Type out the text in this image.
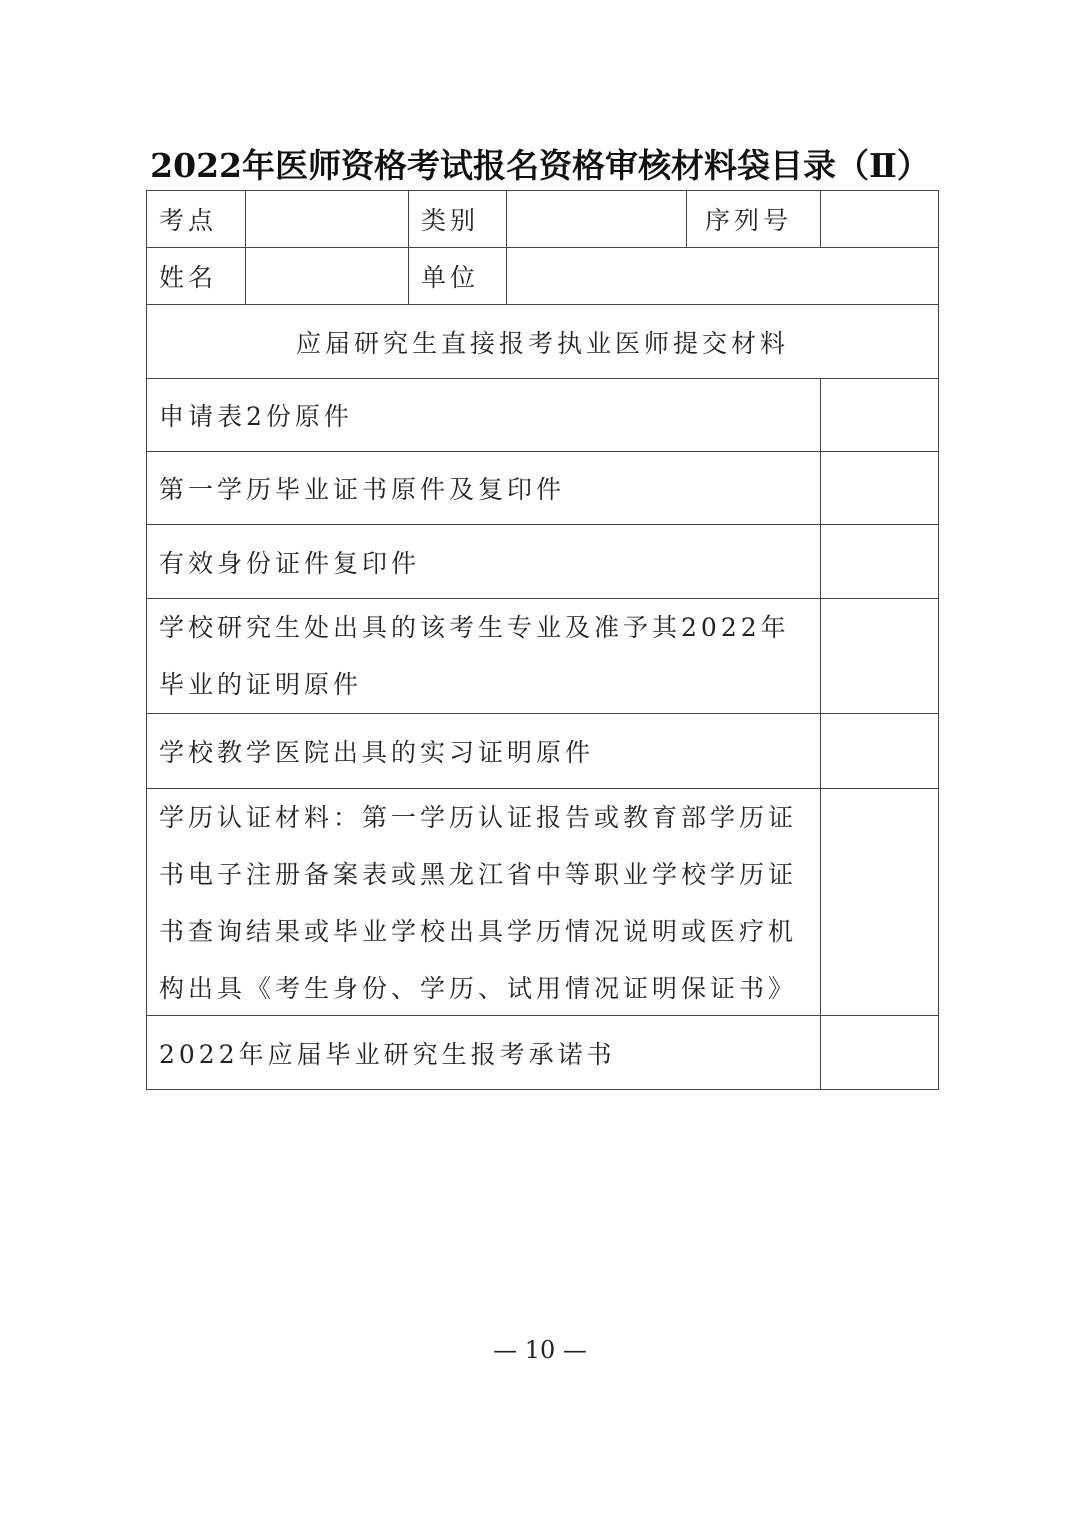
2022年医师资格考试报名资格审核材料袋目录（Ⅱ）
考点	类别	序列号
姓名	单位
应届研究生直接报考执业医师提交材料
申请表2份原件
第一学历毕业证书原件及复印件
有效身份证件复印件
学校研究生处出具的该考生专业及准予其2022年毕业的证明原件
学校教学医院出具的实习证明原件
学历认证材料：第一学历认证报告或教育部学历证书电子注册备案表或黑龙江省中等职业学校学历证书查询结果或毕业学校出具学历情况说明或医疗机构出具《考生身份、学历、试用情况证明保证书》
2022年应届毕业研究生报考承诺书
— 10 —
